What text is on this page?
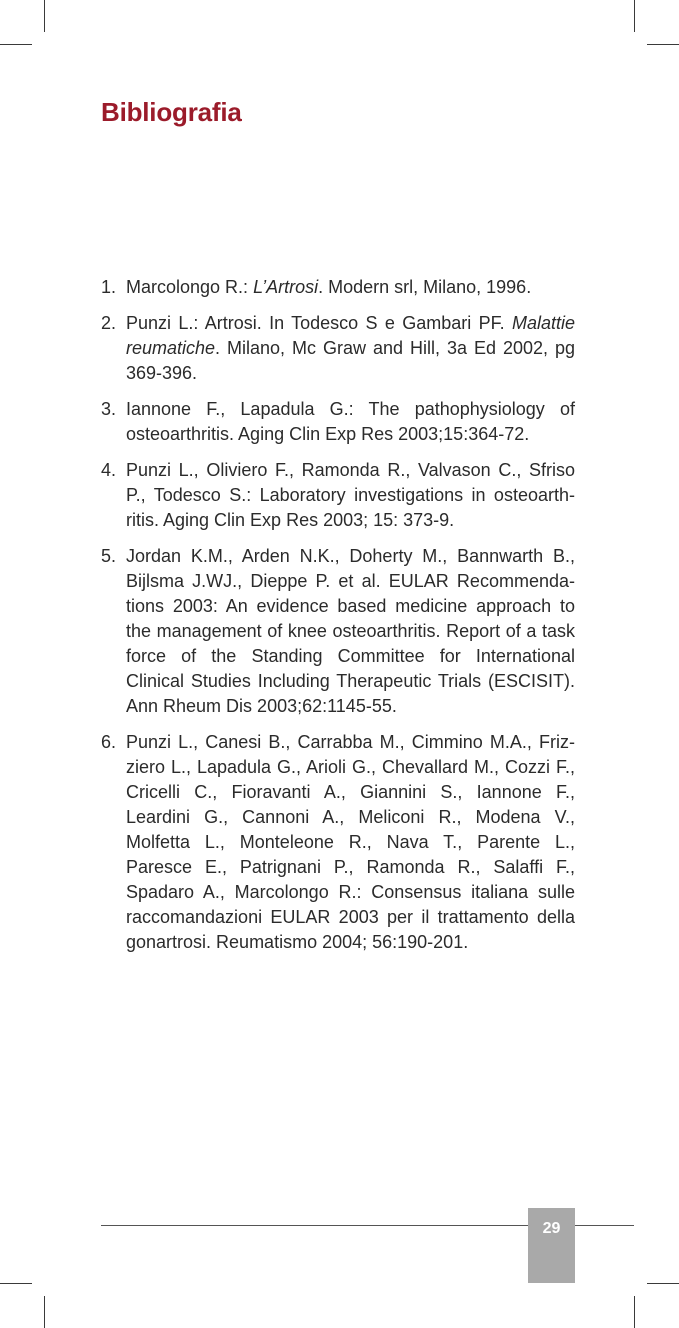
Bibliografia
1. Marcolongo R.: L’Artrosi. Modern srl, Milano, 1996.
2. Punzi L.: Artrosi. In Todesco S e Gambari PF. Malattie reumatiche. Milano, Mc Graw and Hill, 3a Ed 2002, pg 369-396.
3. Iannone F., Lapadula G.: The pathophysiology of osteoarthritis. Aging Clin Exp Res 2003;15:364-72.
4. Punzi L., Oliviero F., Ramonda R., Valvason C., Sfriso P., Todesco S.: Laboratory investigations in osteoarthritis. Aging Clin Exp Res 2003; 15: 373-9.
5. Jordan K.M., Arden N.K., Doherty M., Bannwarth B., Bijlsma J.WJ., Dieppe P. et al. EULAR Recommendations 2003: An evidence based medicine approach to the management of knee osteoarthritis. Report of a task force of the Standing Committee for International Clinical Studies Including Therapeutic Trials (ESCISIT). Ann Rheum Dis 2003;62:1145-55.
6. Punzi L., Canesi B., Carrabba M., Cimmino M.A., Frizziero L., Lapadula G., Arioli G., Chevallard M., Cozzi F., Cricelli C., Fioravanti A., Giannini S., Iannone F., Leardini G., Cannoni A., Meliconi R., Modena V., Molfetta L., Monteleone R., Nava T., Parente L., Paresce E., Patrignani P., Ramonda R., Salaffi F., Spadaro A., Marcolongo R.: Consensus italiana sulle raccomandazioni EULAR 2003 per il trattamento della gonartrosi. Reumatismo 2004; 56:190-201.
29
